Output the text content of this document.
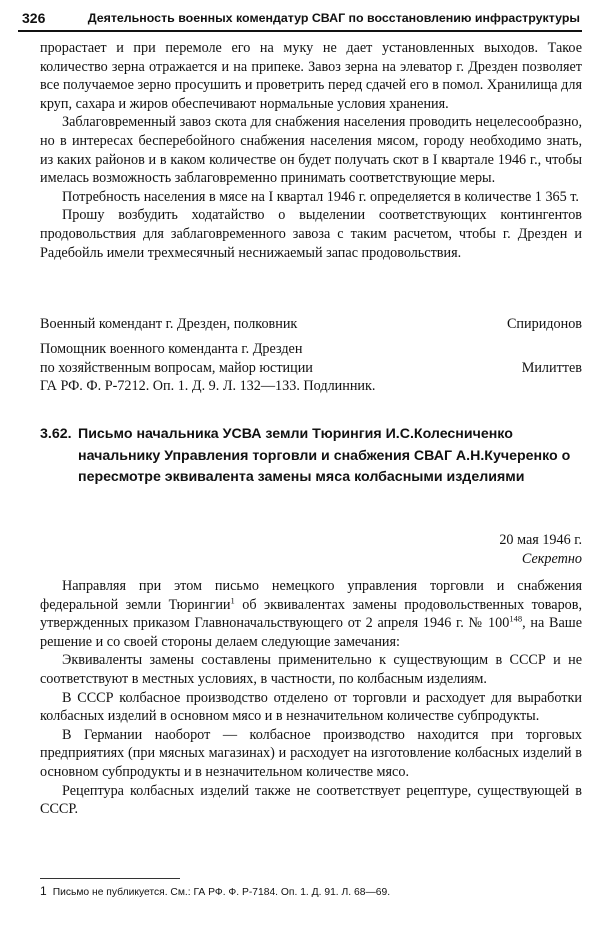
326	Деятельность военных комендатур СВАГ по восстановлению инфраструктуры

прорастает и при перемоле его на муку не дает установленных выходов. Такое количество зерна отражается и на припеке. Завоз зерна на элеватор г. Дрезден позволяет все получаемое зерно просушить и проветрить перед сдачей его в помол. Хранилища для круп, сахара и жиров обеспечивают нормальные условия хранения.

Заблаговременный завоз скота для снабжения населения проводить нецелесообразно, но в интересах бесперебойного снабжения населения мясом, городу необходимо знать, из каких районов и в каком количестве он будет получать скот в I квартале 1946 г., чтобы имелась возможность заблаговременно принимать соответствующие меры.

Потребность населения в мясе на I квартал 1946 г. определяется в количестве 1 365 т.

Прошу возбудить ходатайство о выделении соответствующих контингентов продовольствия для заблаговременного завоза с таким расчетом, чтобы г. Дрезден и Радебойль имели трехмесячный неснижаемый запас продовольствия.

Военный комендант г. Дрезден, полковник	Спиридонов
Помощник военного коменданта г. Дрезден
по хозяйственным вопросам, майор юстиции	Милиттев
ГА РФ. Ф. Р-7212. Оп. 1. Д. 9. Л. 132—133. Подлинник.
3.62. Письмо начальника УСВА земли Тюрингия И.С.Колесниченко начальнику Управления торговли и снабжения СВАГ А.Н.Кучеренко о пересмотре эквивалента замены мяса колбасными изделиями
20 мая 1946 г.
Секретно

Направляя при этом письмо немецкого управления торговли и снабжения федеральной земли Тюрингии$^1$ об эквивалентах замены продовольственных товаров, утвержденных приказом Главноначальствующего от 2 апреля 1946 г. № $100^{148}$, на Ваше решение и со своей стороны делаем следующие замечания:

Эквиваленты замены составлены применительно к существующим в СССР и не соответствуют в местных условиях, в частности, по колбасным изделиям.

В СССР колбасное производство отделено от торговли и расходует для выработки колбасных изделий в основном мясо и в незначительном количестве субпродукты.

В Германии наоборот — колбасное производство находится при торговых предприятиях (при мясных магазинах) и расходует на изготовление колбасных изделий в основном субпродукты и в незначительном количестве мясо.

Рецептура колбасных изделий также не соответствует рецептуре, существующей в СССР.

1 Письмо не публикуется. См.: ГА РФ. Ф. Р-7184. Оп. 1. Д. 91. Л. 68—69.
